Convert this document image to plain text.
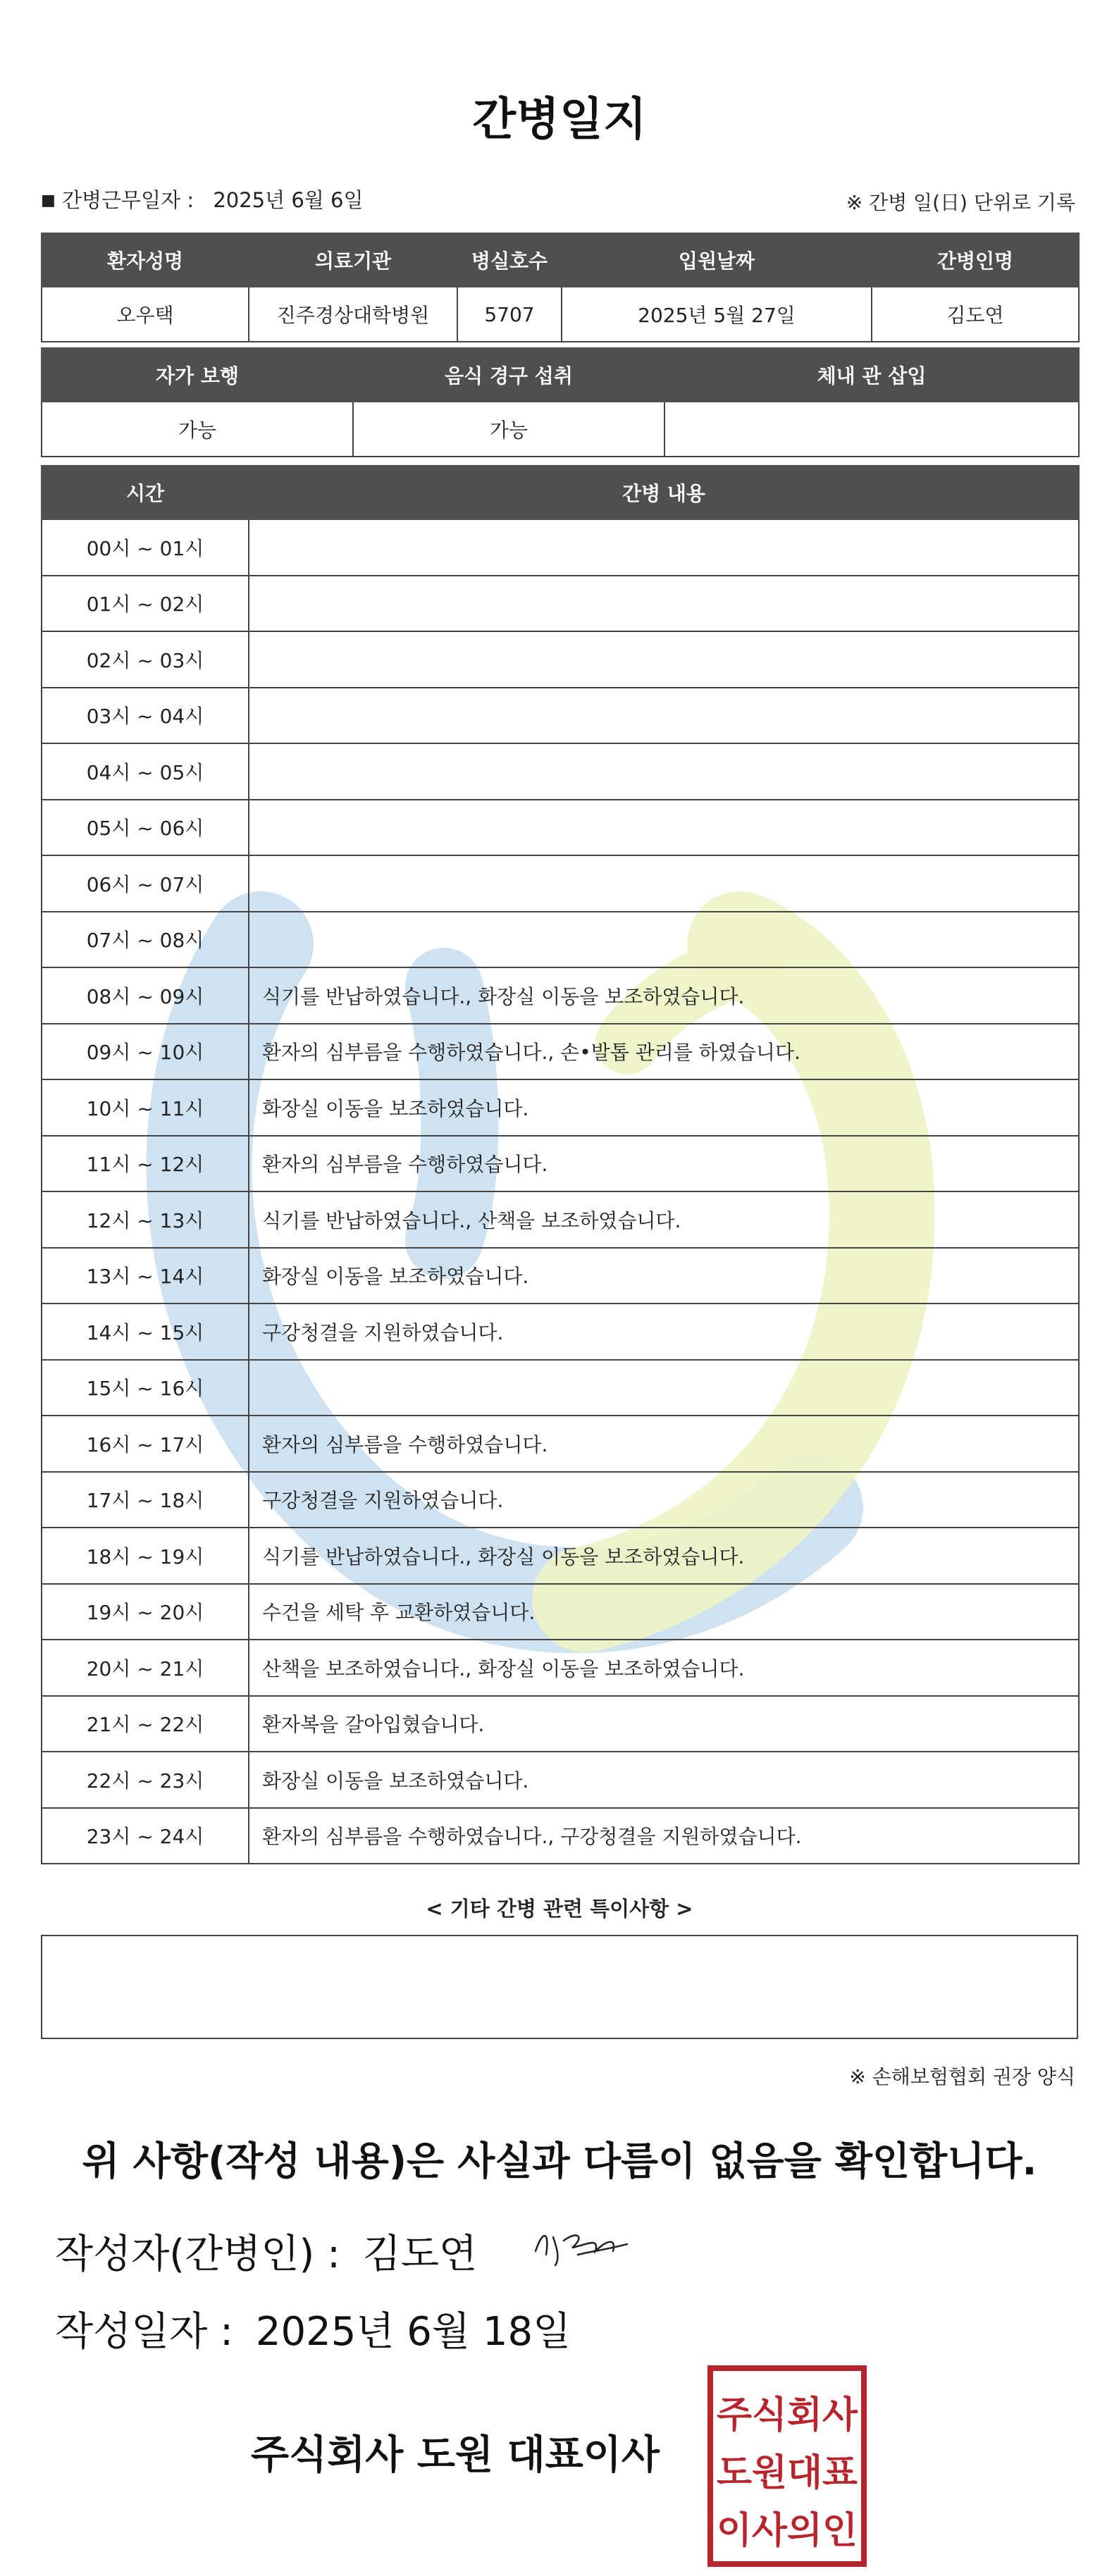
간병일지
■ 간병근무일자 : 2025년 6월 6일	※ 간병 일(日) 단위로 기록
환자성명	의료기관	병실호수	입원날짜	간병인명
오우택	진주경상대학병원	5707	2025년 5월 27일	김도연
자가 보행	음식 경구 섭취	체내 관 삽입
가능	가능	
시간	간병 내용
00시 ~ 01시	
01시 ~ 02시	
02시 ~ 03시	
03시 ~ 04시	
04시 ~ 05시	
05시 ~ 06시	
06시 ~ 07시	
07시 ~ 08시	
08시 ~ 09시	식기를 반납하였습니다., 화장실 이동을 보조하였습니다.
09시 ~ 10시	환자의 심부름을 수행하였습니다., 손•발톱 관리를 하였습니다.
10시 ~ 11시	화장실 이동을 보조하였습니다.
11시 ~ 12시	환자의 심부름을 수행하였습니다.
12시 ~ 13시	식기를 반납하였습니다., 산책을 보조하였습니다.
13시 ~ 14시	화장실 이동을 보조하였습니다.
14시 ~ 15시	구강청결을 지원하였습니다.
15시 ~ 16시	
16시 ~ 17시	환자의 심부름을 수행하였습니다.
17시 ~ 18시	구강청결을 지원하였습니다.
18시 ~ 19시	식기를 반납하였습니다., 화장실 이동을 보조하였습니다.
19시 ~ 20시	수건을 세탁 후 교환하였습니다.
20시 ~ 21시	산책을 보조하였습니다., 화장실 이동을 보조하였습니다.
21시 ~ 22시	환자복을 갈아입혔습니다.
22시 ~ 23시	화장실 이동을 보조하였습니다.
23시 ~ 24시	환자의 심부름을 수행하였습니다., 구강청결을 지원하였습니다.
< 기타 간병 관련 특이사항 >
※ 손해보험협회 권장 양식
위 사항(작성 내용)은 사실과 다름이 없음을 확인합니다.
작성자(간병인) : 김도연
작성일자 : 2025년 6월 18일
주식회사 도원 대표이사
주식회사
도원대표
이사의인
